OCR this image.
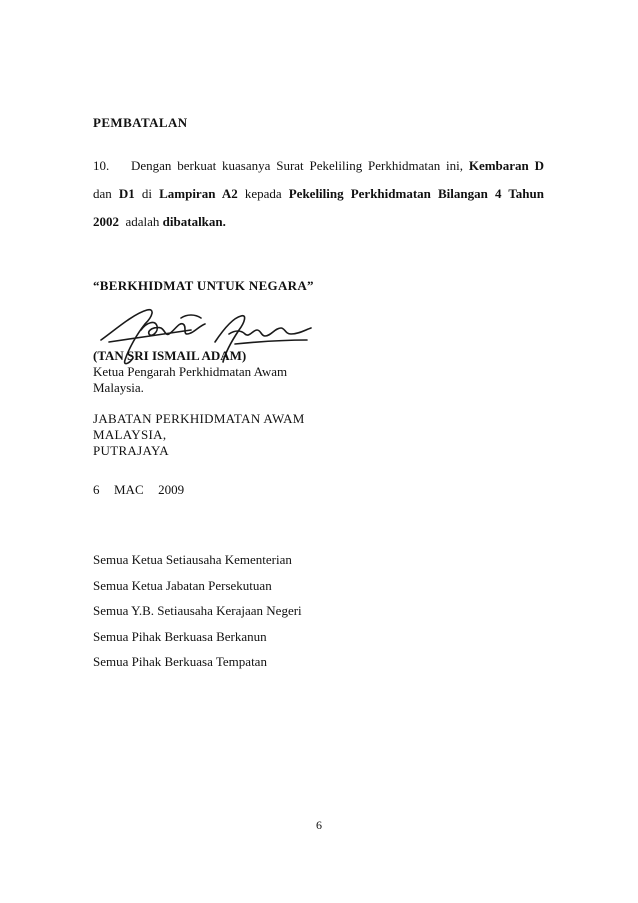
PEMBATALAN
10. Dengan berkuat kuasanya Surat Pekeliling Perkhidmatan ini, Kembaran D
dan D1 di Lampiran A2 kepada Pekeliling Perkhidmatan Bilangan 4 Tahun
2002  adalah dibatalkan.
“BERKHIDMAT UNTUK NEGARA”
(TAN SRI ISMAIL ADAM)
Ketua Pengarah Perkhidmatan Awam
Malaysia.
JABATAN PERKHIDMATAN AWAM
MALAYSIA,
PUTRAJAYA
6  MAC  2009
Semua Ketua Setiausaha Kementerian
Semua Ketua Jabatan Persekutuan
Semua Y.B. Setiausaha Kerajaan Negeri
Semua Pihak Berkuasa Berkanun
Semua Pihak Berkuasa Tempatan
6
